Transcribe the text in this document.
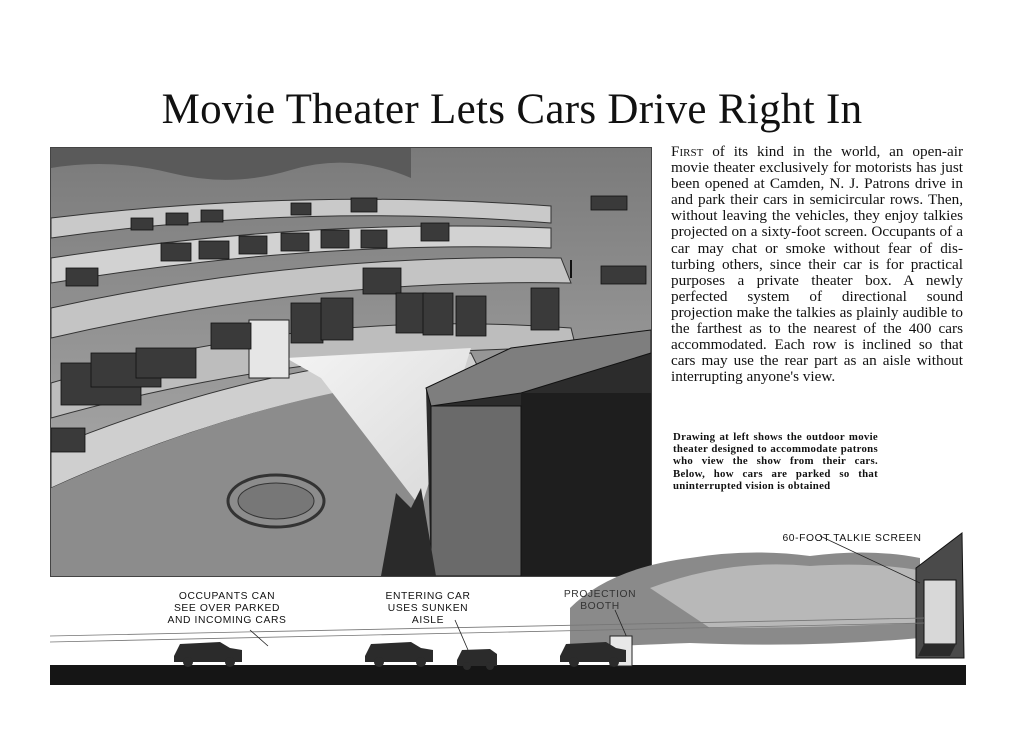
Movie Theater Lets Cars Drive Right In
First of its kind in the world, an open-air movie theater exclusively for motorists has just been opened at Camden, N. J. Patrons drive in and park their cars in semicircular rows. Then, without leaving the vehicles, they enjoy talkies projected on a sixty-foot screen. Occupants of a car may chat or smoke without fear of disturbing others, since their car is for practical purposes a private theater box. A newly perfected system of directional sound projection make the talkies as plainly audible to the farthest as to the nearest of the 400 cars accommodated. Each row is inclined so that cars may use the rear part as an aisle without interrupting anyone's view.
Drawing at left shows the outdoor movie theater designed to accommodate patrons who view the show from their cars. Below, how cars are parked so that uninterrupted vision is obtained
OCCUPANTS CAN
SEE OVER PARKED
AND INCOMING CARS
ENTERING CAR
USES SUNKEN
AISLE
PROJECTION
BOOTH
60-FOOT TALKIE SCREEN
